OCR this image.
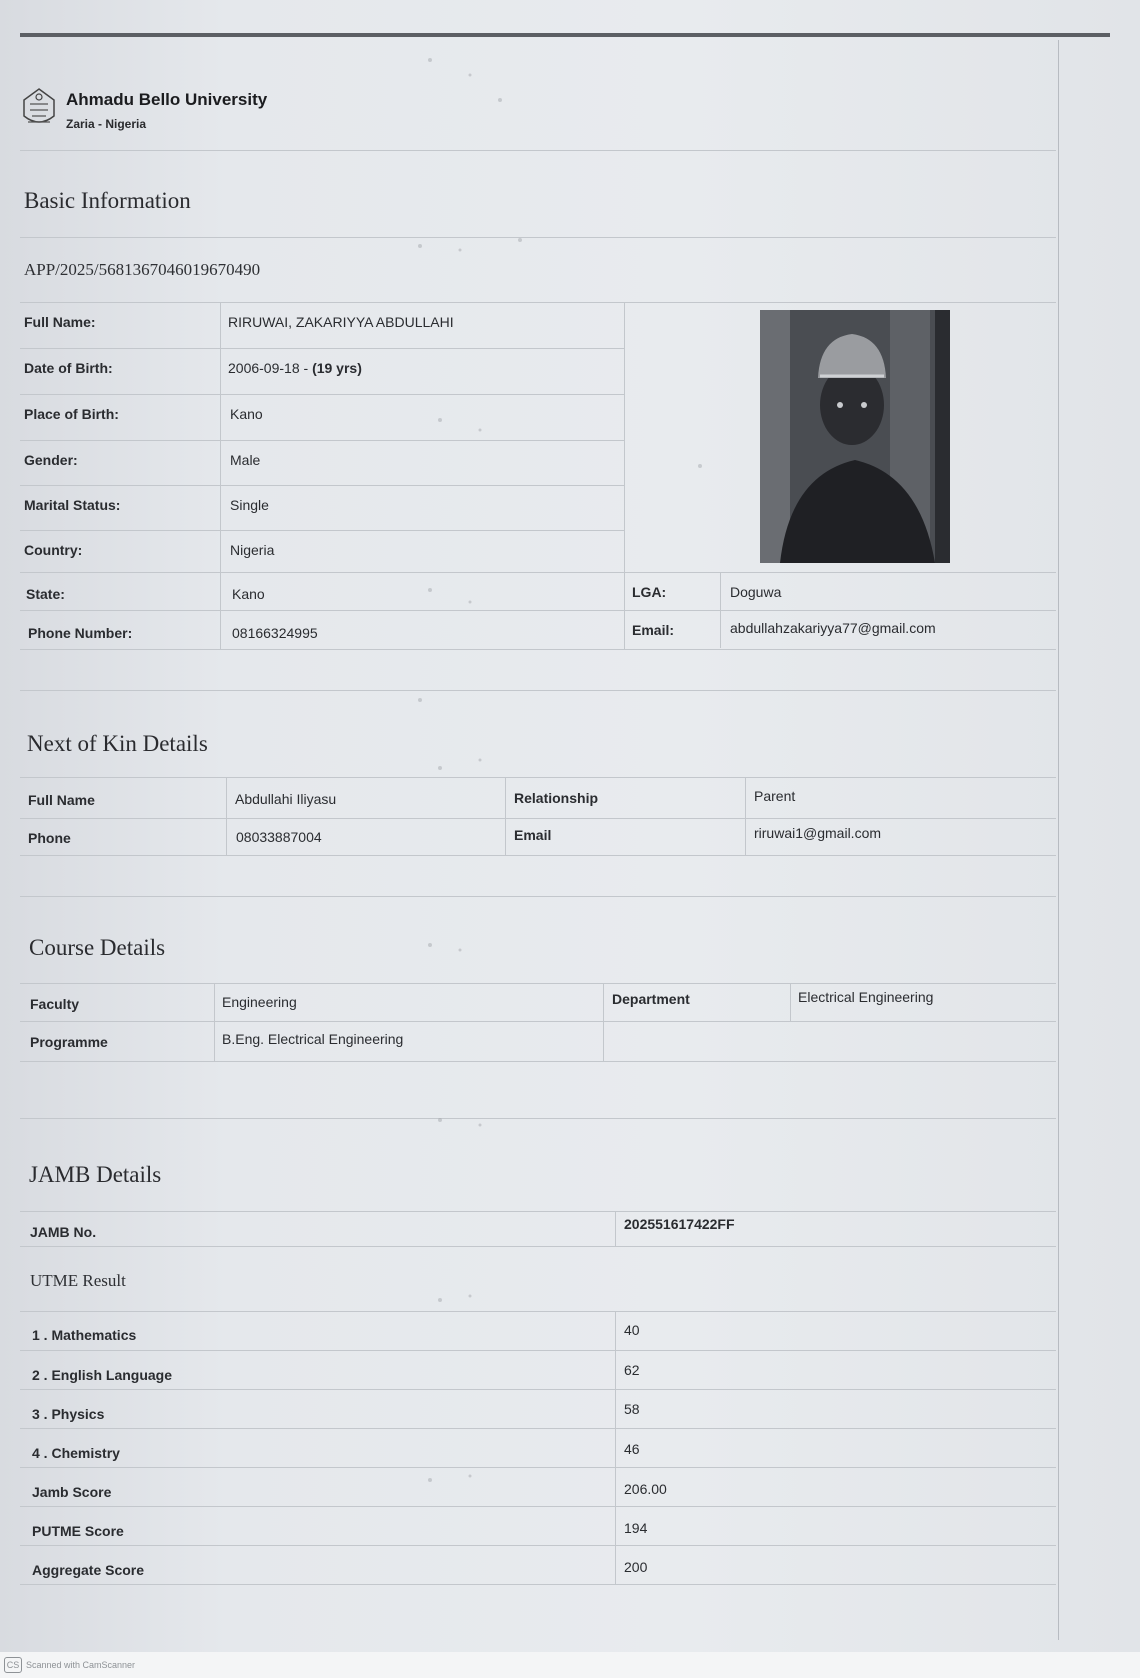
Ahmadu Bello University
Zaria - Nigeria
Basic Information
APP/2025/5681367046019670490
Full Name:	RIRUWAI, ZAKARIYYA ABDULLAHI
Date of Birth:	2006-09-18 - (19 yrs)
Place of Birth:	Kano
Gender:	Male
Marital Status:	Single
Country:	Nigeria
State:	Kano	LGA:	Doguwa
Phone Number:	08166324995	Email:	abdullahzakariyya77@gmail.com
Next of Kin Details
Full Name	Abdullahi Iliyasu	Relationship	Parent
Phone	08033887004	Email	riruwai1@gmail.com
Course Details
Faculty	Engineering	Department	Electrical Engineering
Programme	B.Eng. Electrical Engineering
JAMB Details
JAMB No.	202551617422FF
UTME Result
1 . Mathematics	40
2 . English Language	62
3 . Physics	58
4 . Chemistry	46
Jamb Score	206.00
PUTME Score	194
Aggregate Score	200
CS Scanned with CamScanner
